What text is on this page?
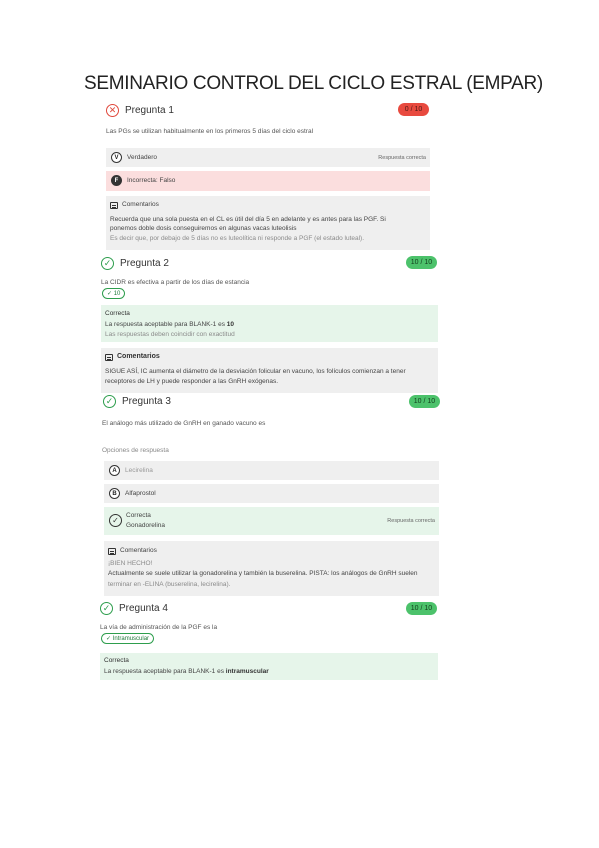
SEMINARIO CONTROL DEL CICLO ESTRAL (EMPAR)
✕ Pregunta 1	0 / 10
Las PGs se utilizan habitualmente en los primeros 5 días del ciclo estral
V	Verdadero	Respuesta correcta
F	Incorrecta: Falso
Comentarios
Recuerda que una sola puesta en el CL es útil del día 5 en adelante y es antes para las PGF. Si
ponemos doble dosis conseguiremos en algunas vacas luteolisis
Es decir que, por debajo de 5 días no es luteolítica ni responde a PGF (el estado luteal).
✓ Pregunta 2	10 / 10
La CIDR es efectiva a partir de los días de estancia
✓ 10
Correcta
La respuesta aceptable para BLANK-1 es 10
Las respuestas deben coincidir con exactitud
Comentarios
SIGUE ASÍ, IC aumenta el diámetro de la desviación folicular en vacuno, los folículos comienzan a tener
receptores de LH y puede responder a las GnRH exógenas.
✓ Pregunta 3	10 / 10
El análogo más utilizado de GnRH en ganado vacuno es
Opciones de respuesta
A	Lecirelina
B	Alfaprostol
✓
Correcta
Gonadorelina
Respuesta correcta
Comentarios
¡BIEN HECHO!
Actualmente se suele utilizar la gonadorelina y también la buserelina. PISTA: los análogos de GnRH suelen
terminar en -ELINA (buserelina, lecirelina).
✓ Pregunta 4	10 / 10
La vía de administración de la PGF es la
✓ Intramuscular
Correcta
La respuesta aceptable para BLANK-1 es intramuscular
